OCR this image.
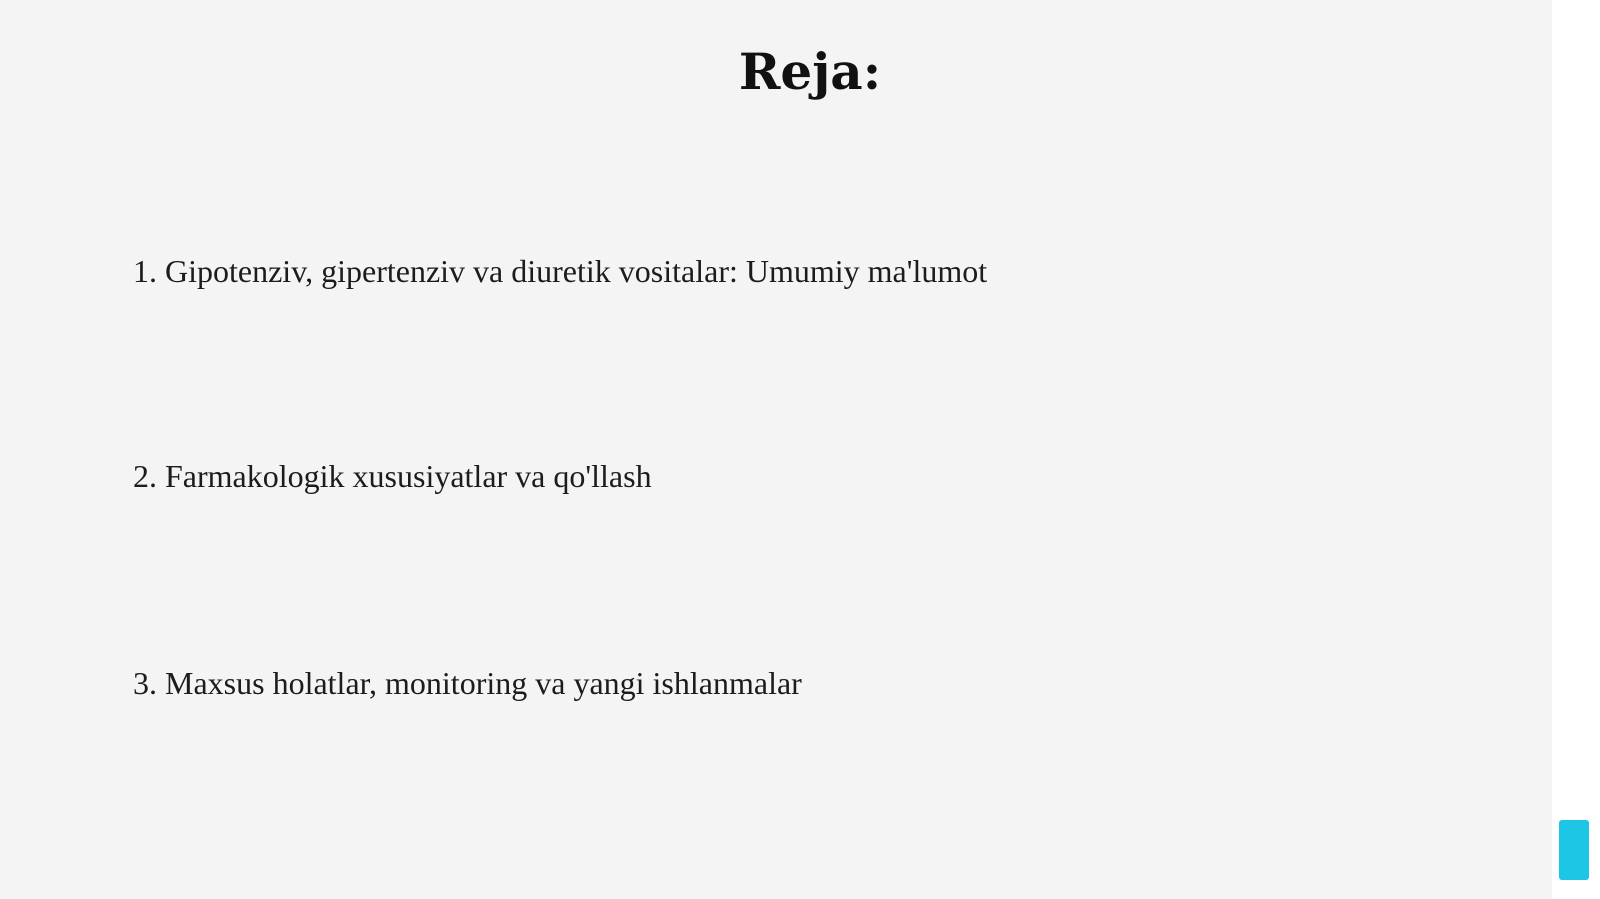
Reja:

1. Gipotenziv, gipertenziv va diuretik vositalar: Umumiy ma'lumot

2. Farmakologik xususiyatlar va qo'llash

3. Maxsus holatlar, monitoring va yangi ishlanmalar
